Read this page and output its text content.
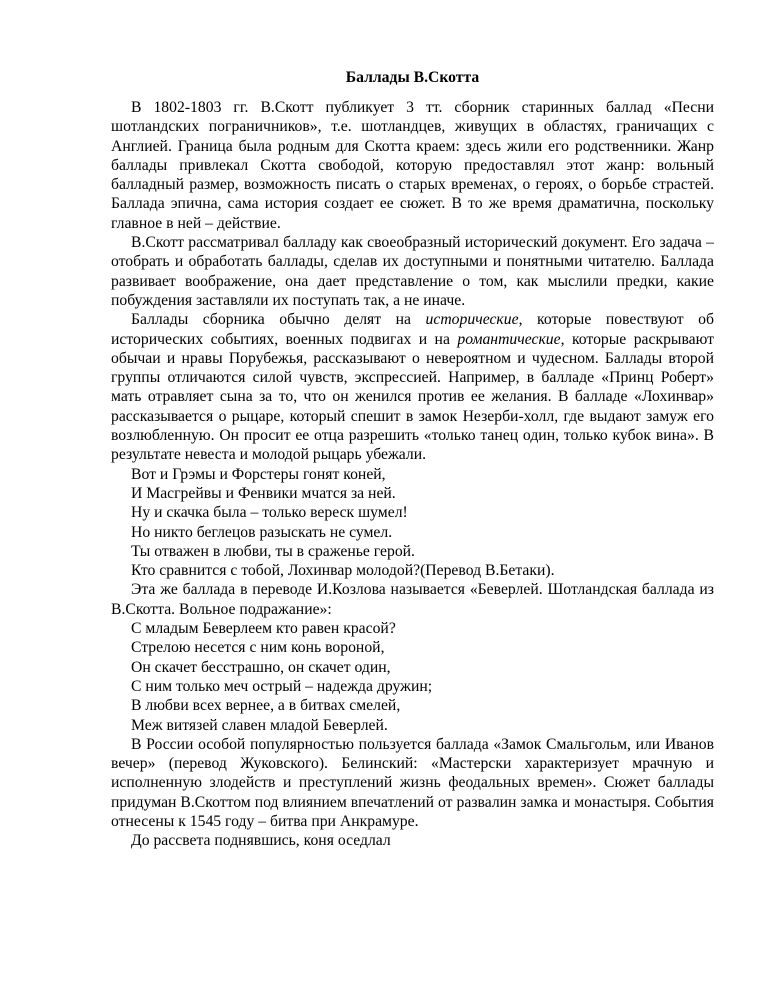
Баллады В.Скотта

В 1802-1803 гг. В.Скотт публикует 3 тт. сборник старинных баллад «Песни шотландских пограничников», т.е. шотландцев, живущих в областях, граничащих с Англией. Граница была родным для Скотта краем: здесь жили его родственники. Жанр баллады привлекал Скотта свободой, которую предоставлял этот жанр: вольный балладный размер, возможность писать о старых временах, о героях, о борьбе страстей. Баллада эпична, сама история создает ее сюжет. В то же время драматична, поскольку главное в ней – действие.

В.Скотт рассматривал балладу как своеобразный исторический документ. Его задача – отобрать и обработать баллады, сделав их доступными и понятными читателю. Баллада развивает воображение, она дает представление о том, как мыслили предки, какие побуждения заставляли их поступать так, а не иначе.

Баллады сборника обычно делят на исторические, которые повествуют об исторических событиях, военных подвигах и на романтические, которые раскрывают обычаи и нравы Порубежья, рассказывают о невероятном и чудесном. Баллады второй группы отличаются силой чувств, экспрессией. Например, в балладе «Принц Роберт» мать отравляет сына за то, что он женился против ее желания. В балладе «Лохинвар» рассказывается о рыцаре, который спешит в замок Незерби-холл, где выдают замуж его возлюбленную. Он просит ее отца разрешить «только танец один, только кубок вина». В результате невеста и молодой рыцарь убежали.

Вот и Грэмы и Форстеры гонят коней,

И Масгрейвы и Фенвики мчатся за ней.

Ну и скачка была – только вереск шумел!

Но никто беглецов разыскать не сумел.

Ты отважен в любви, ты в сраженье герой.

Кто сравнится с тобой, Лохинвар молодой?(Перевод В.Бетаки).

Эта же баллада в переводе И.Козлова называется «Беверлей. Шотландская баллада из В.Скотта. Вольное подражание»:

С младым Беверлеем кто равен красой?

Стрелою несется с ним конь вороной,

Он скачет бесстрашно, он скачет один,

С ним только меч острый – надежда дружин;

В любви всех вернее, а в битвах смелей,

Меж витязей славен младой Беверлей.

В России особой популярностью пользуется баллада «Замок Смальгольм, или Иванов вечер» (перевод Жуковского). Белинский: «Мастерски характеризует мрачную и исполненную злодейств и преступлений жизнь феодальных времен». Сюжет баллады придуман В.Скоттом под влиянием впечатлений от развалин замка и монастыря. События отнесены к 1545 году – битва при Анкрамуре.

До рассвета поднявшись, коня оседлал
